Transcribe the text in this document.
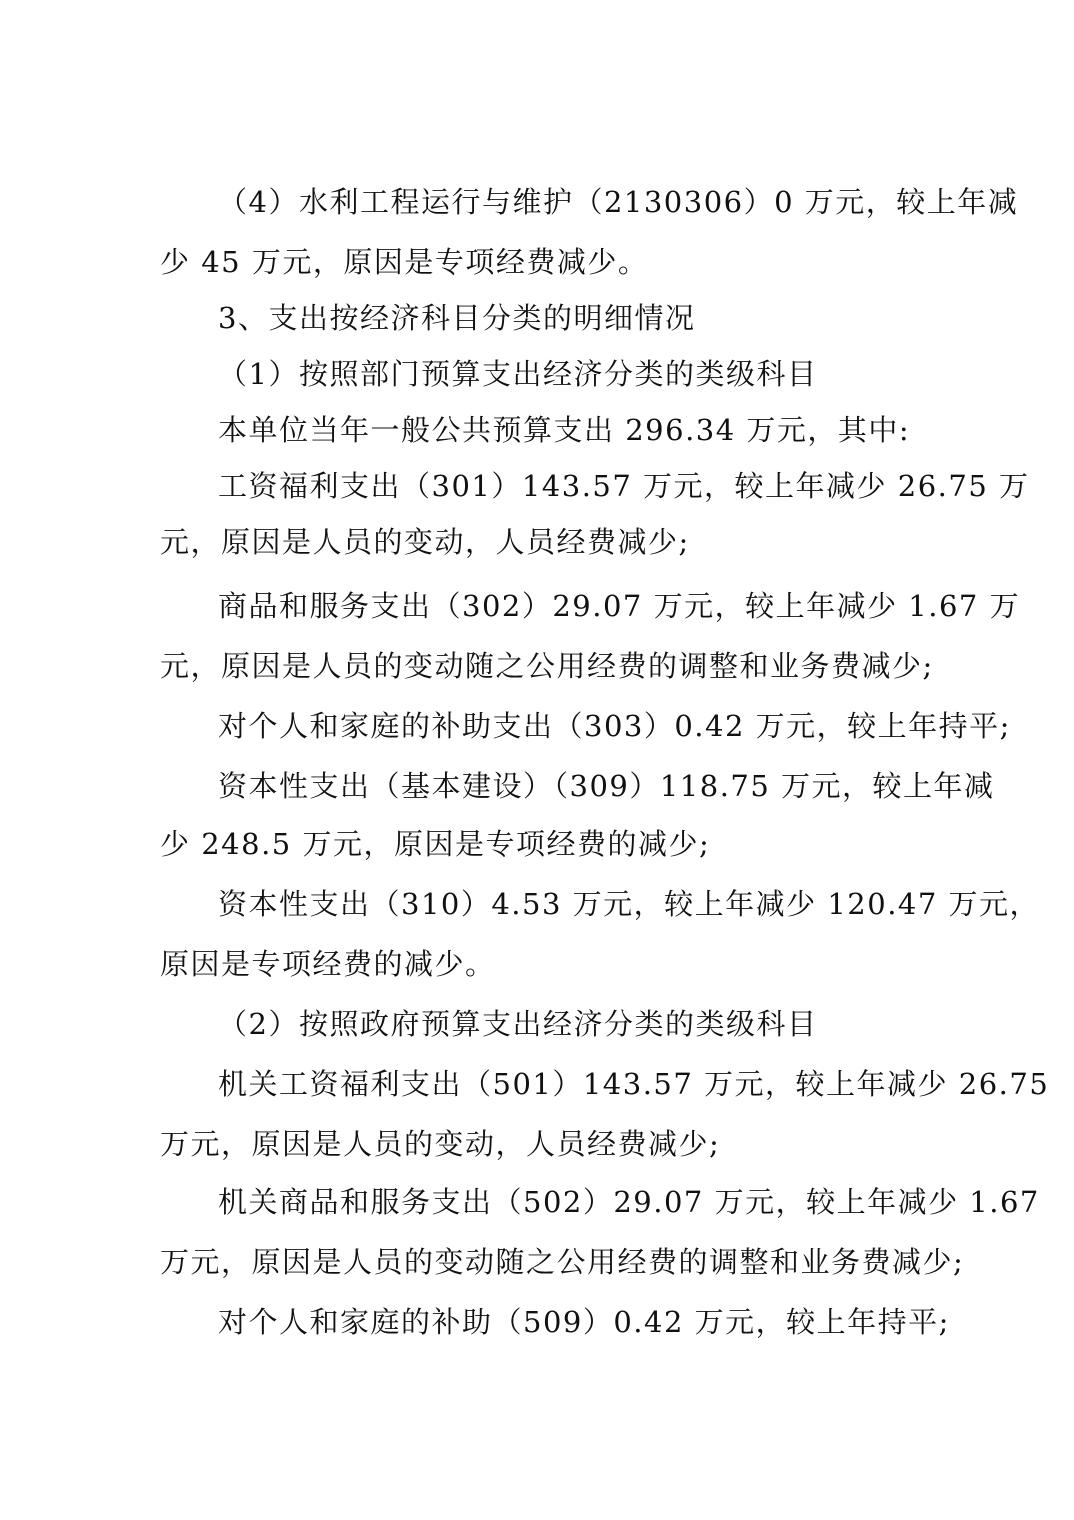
（4）水利工程运行与维护（2130306）0 万元，较上年减
少 45 万元，原因是专项经费减少。
3、支出按经济科目分类的明细情况
（1）按照部门预算支出经济分类的类级科目
本单位当年一般公共预算支出 296.34 万元，其中:
工资福利支出（301）143.57 万元，较上年减少 26.75 万
元，原因是人员的变动，人员经费减少;
商品和服务支出（302）29.07 万元，较上年减少 1.67 万
元，原因是人员的变动随之公用经费的调整和业务费减少;
对个人和家庭的补助支出（303）0.42 万元，较上年持平;
资本性支出（基本建设）（309）118.75 万元，较上年减
少 248.5 万元，原因是专项经费的减少;
资本性支出（310）4.53 万元，较上年减少 120.47 万元，
原因是专项经费的减少。
（2）按照政府预算支出经济分类的类级科目
机关工资福利支出（501）143.57 万元，较上年减少 26.75
万元，原因是人员的变动，人员经费减少;
机关商品和服务支出（502）29.07 万元，较上年减少 1.67
万元，原因是人员的变动随之公用经费的调整和业务费减少;
对个人和家庭的补助（509）0.42 万元，较上年持平;
